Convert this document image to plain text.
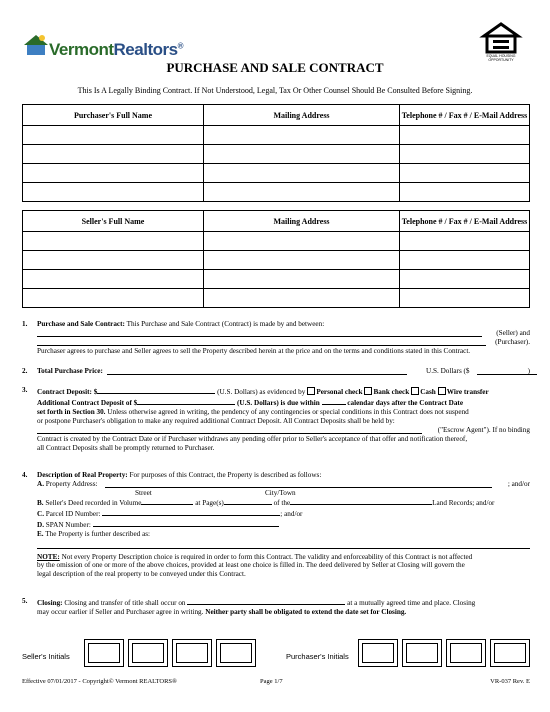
VermontRealtors®
EQUAL HOUSING OPPORTUNITY
PURCHASE AND SALE CONTRACT
This Is A Legally Binding Contract. If Not Understood, Legal, Tax Or Other Counsel Should Be Consulted Before Signing.
Purchaser's Full Name	Mailing Address	Telephone # / Fax # / E-Mail Address

Seller's Full Name	Mailing Address	Telephone # / Fax # / E-Mail Address

1. Purchase and Sale Contract: This Purchase and Sale Contract (Contract) is made by and between:
(Seller) and
(Purchaser).
Purchaser agrees to purchase and Seller agrees to sell the Property described herein at the price and on the terms and conditions stated in this Contract.
2. Total Purchase Price:	U.S. Dollars ($	)
3. Contract Deposit: $	(U.S. Dollars) as evidenced by Personal check Bank check Cash Wire transfer
Additional Contract Deposit of $	(U.S. Dollars) is due within	calendar days after the Contract Date
set forth in Section 30. Unless otherwise agreed in writing, the pendency of any contingencies or special conditions in this Contract does not suspend
or postpone Purchaser's obligation to make any required additional Contract Deposit. All Contract Deposits shall be held by:
("Escrow Agent"). If no binding
Contract is created by the Contract Date or if Purchaser withdraws any pending offer prior to Seller's acceptance of that offer and notification thereof,
all Contract Deposits shall be promptly returned to Purchaser.
4. Description of Real Property: For purposes of this Contract, the Property is described as follows:
A. Property Address:	; and/or
Street	City/Town
B. Seller's Deed recorded in Volume	at Page(s)	of the	Land Records; and/or
C. Parcel ID Number:	; and/or
D. SPAN Number:
E. The Property is further described as:
NOTE: Not every Property Description choice is required in order to form this Contract. The validity and enforceability of this Contract is not affected
by the omission of one or more of the above choices, provided at least one choice is filled in. The deed delivered by Seller at Closing will govern the
legal description of the real property to be conveyed under this Contract.
5. Closing: Closing and transfer of title shall occur on	at a mutually agreed time and place. Closing
may occur earlier if Seller and Purchaser agree in writing. Neither party shall be obligated to extend the date set for Closing.
Seller's Initials	Purchaser's Initials
Effective 07/01/2017 - Copyright© Vermont REALTORS®	Page 1/7	VR-037 Rev. E
